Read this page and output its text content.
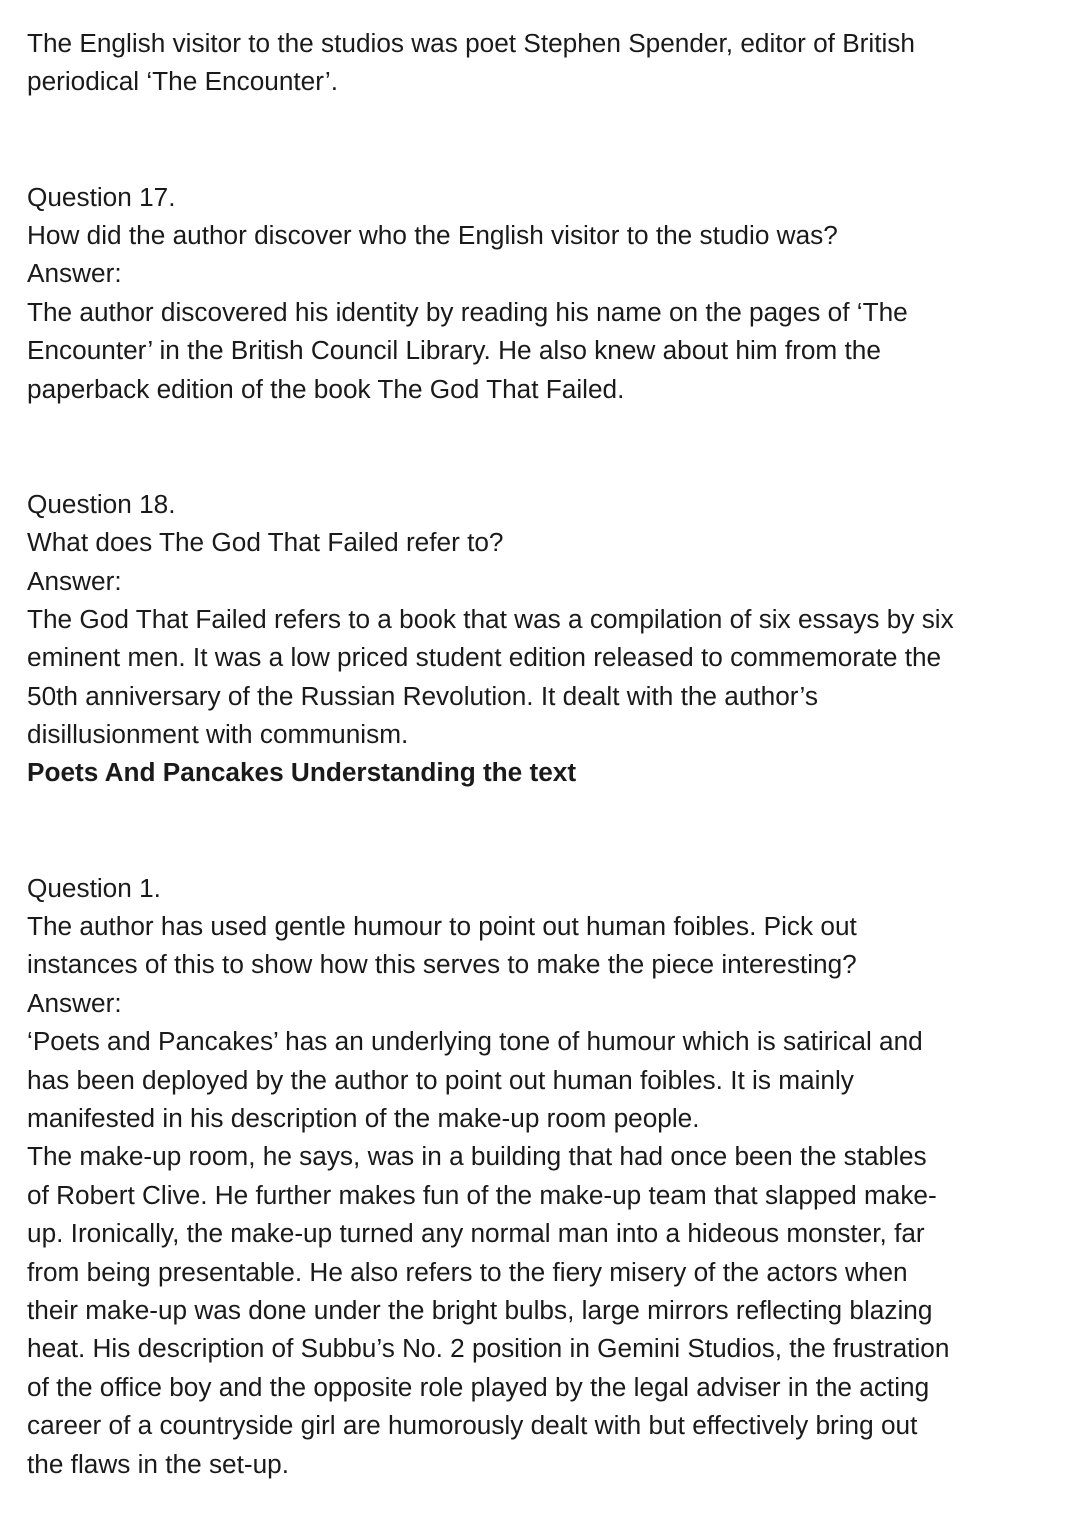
The English visitor to the studios was poet Stephen Spender, editor of British
periodical ‘The Encounter’.
Question 17.
How did the author discover who the English visitor to the studio was?
Answer:
The author discovered his identity by reading his name on the pages of ‘The
Encounter’ in the British Council Library. He also knew about him from the
paperback edition of the book The God That Failed.
Question 18.
What does The God That Failed refer to?
Answer:
The God That Failed refers to a book that was a compilation of six essays by six
eminent men. It was a low priced student edition released to commemorate the
50th anniversary of the Russian Revolution. It dealt with the author’s
disillusionment with communism.
Poets And Pancakes Understanding the text
Question 1.
The author has used gentle humour to point out human foibles. Pick out
instances of this to show how this serves to make the piece interesting?
Answer:
‘Poets and Pancakes’ has an underlying tone of humour which is satirical and
has been deployed by the author to point out human foibles. It is mainly
manifested in his description of the make-up room people.
The make-up room, he says, was in a building that had once been the stables
of Robert Clive. He further makes fun of the make-up team that slapped make-
up. Ironically, the make-up turned any normal man into a hideous monster, far
from being presentable. He also refers to the fiery misery of the actors when
their make-up was done under the bright bulbs, large mirrors reflecting blazing
heat. His description of Subbu’s No. 2 position in Gemini Studios, the frustration
of the office boy and the opposite role played by the legal adviser in the acting
career of a countryside girl are humorously dealt with but effectively bring out
the flaws in the set-up.
